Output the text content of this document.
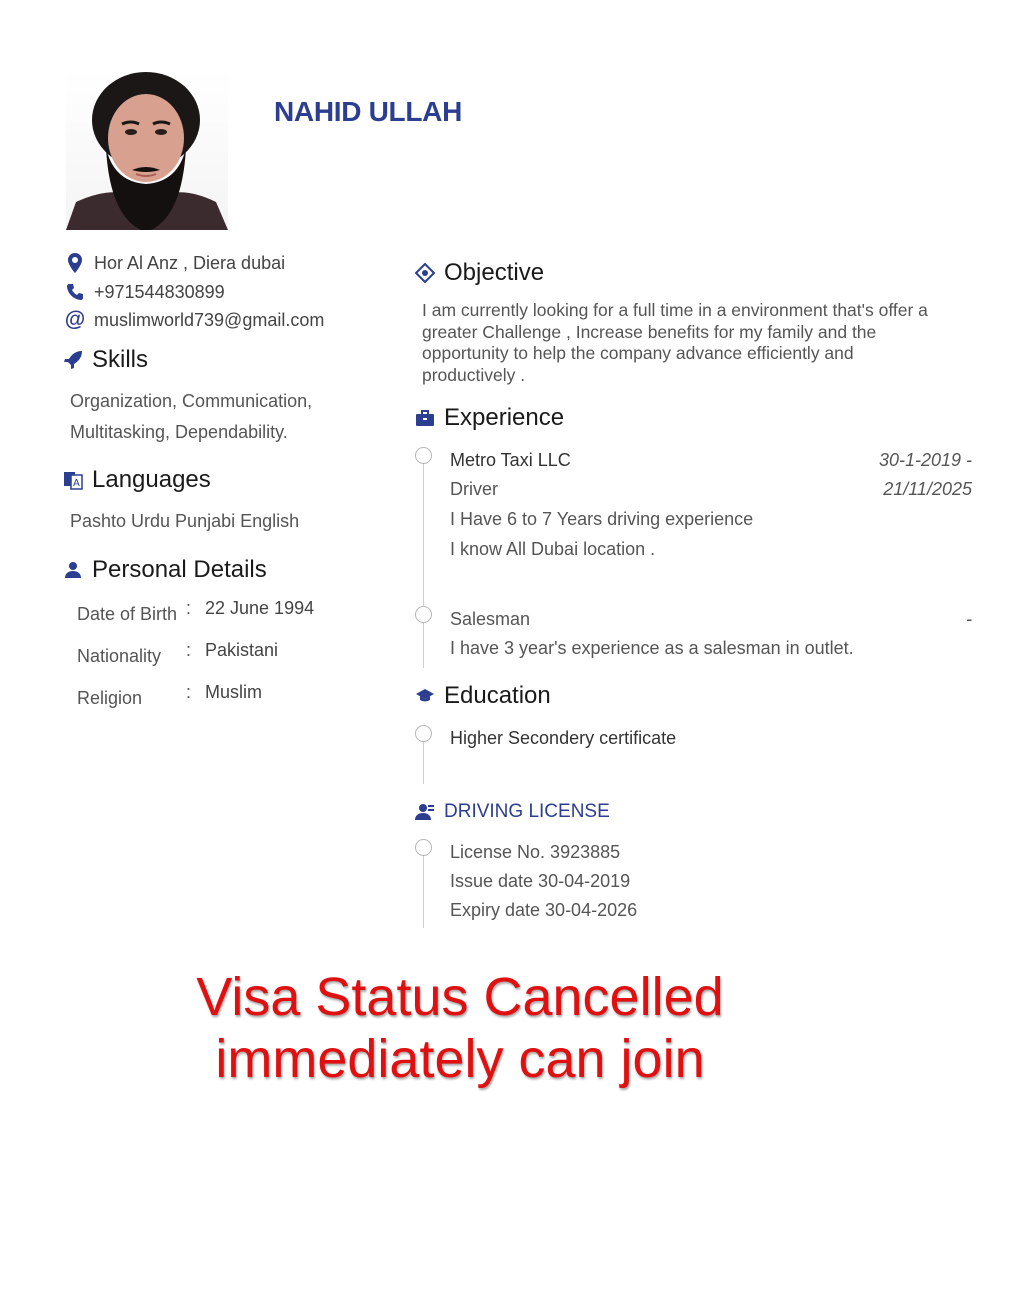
NAHID ULLAH
Hor Al Anz , Diera dubai
+971544830899
@ muslimworld739@gmail.com
Skills
Organization, Communication,
Multitasking, Dependability.
A Languages
Pashto Urdu Punjabi English
Personal Details
Date of Birth : 22 June 1994
Nationality : Pakistani
Religion : Muslim
Objective
I am currently looking for a full time in a environment that's offer a
greater Challenge , Increase benefits for my family and the
opportunity to help the company advance efficiently and
productively .
Experience
Metro Taxi LLC
Driver
30-1-2019 -
21/11/2025
I Have 6 to 7 Years driving experience
I know All Dubai location .
Salesman	-
I have 3 year's experience as a salesman in outlet.
Education
Higher Secondery certificate
DRIVING LICENSE
License No. 3923885
Issue date 30-04-2019
Expiry date 30-04-2026
Visa Status Cancelled
immediately can join
